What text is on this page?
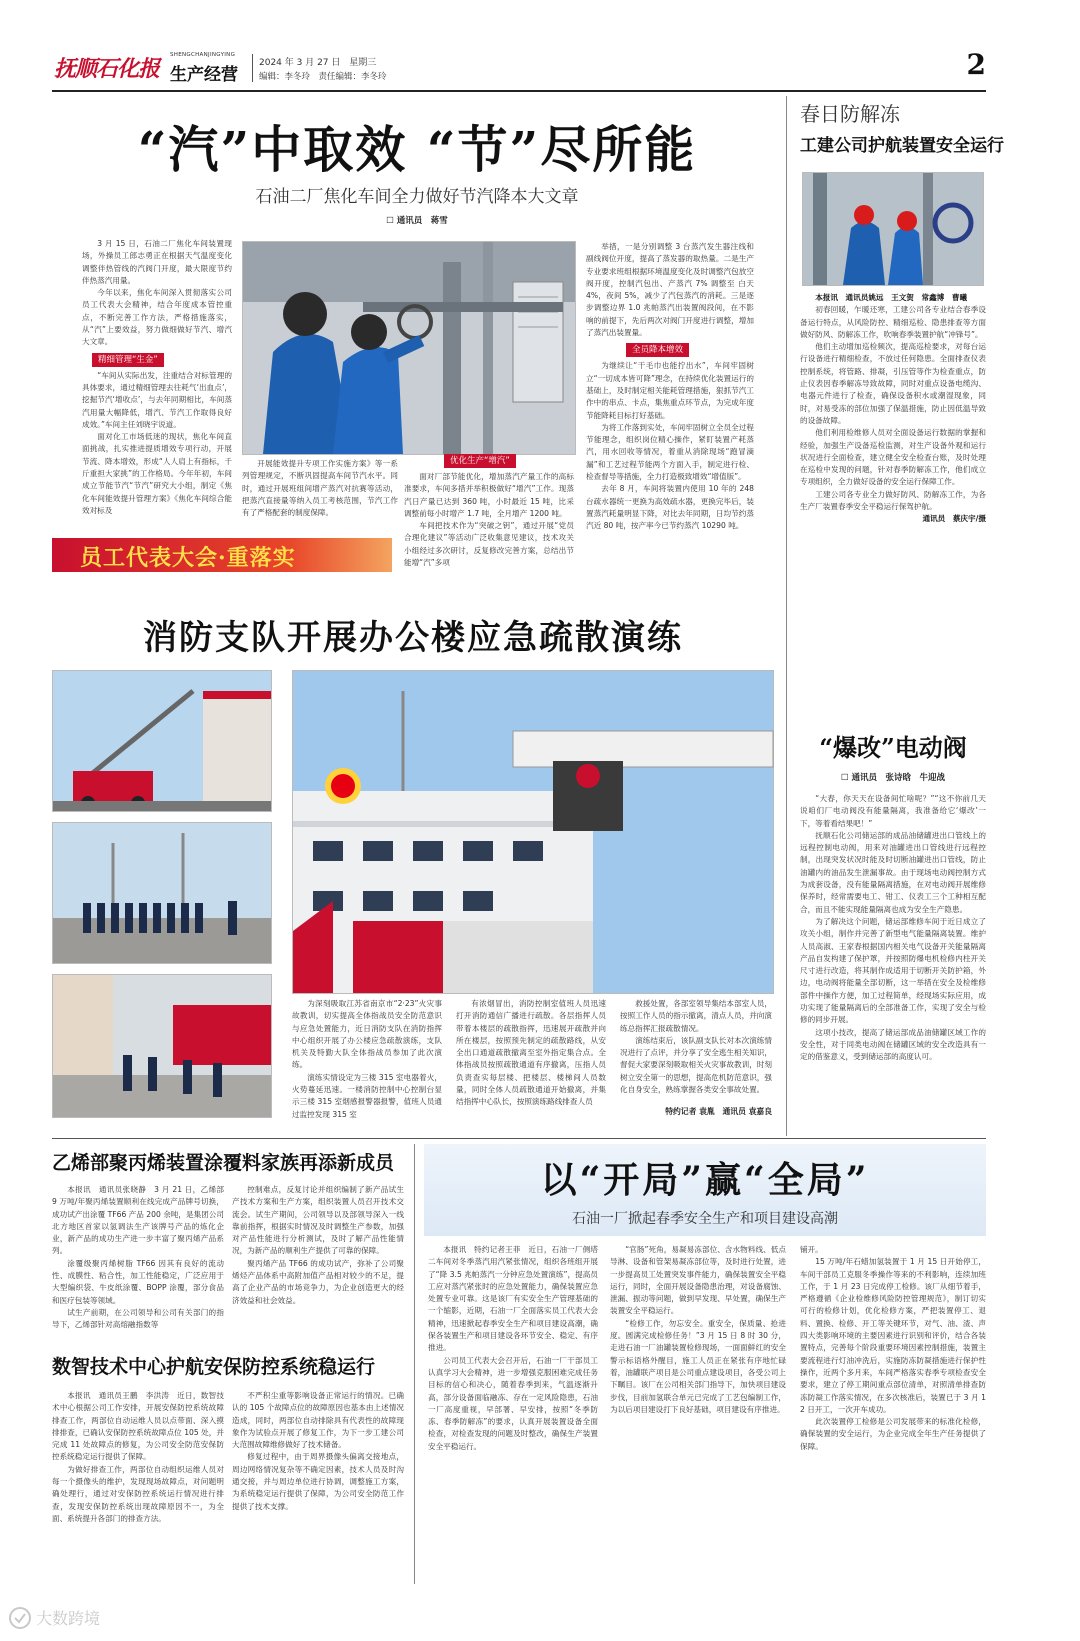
抚顺石化报
SHENGCHANJINGYING
生产经营
2024 年 3 月 27 日 星期三
编辑：李冬玲　责任编辑：李冬玲	2
“汽”中取效 “节”尽所能
石油二厂焦化车间全力做好节汽降本大文章
☐ 通讯员　蒋雪

3 月 15 日，石油二厂焦化车间装置现场，外操员工郎志勇正在根据天气温度变化调整伴热管线的汽阀门开度，最大限度节约伴热蒸汽用量。

今年以来，焦化车间深入贯彻落实公司员工代表大会精神，结合年度成本管控重点，不断完善工作方法，严格措施落实，从“汽”上要效益，努力做细做好节汽、增汽大文章。

精细管理“生金”

“车间从实际出发，注重结合对标管理的具体要求，通过精细管理去往耗气‘出血点’，挖掘节汽‘增收点’，与去年同期相比，车间蒸汽用量大幅降低，增汽、节汽工作取得良好成效。”车间主任刘晓宇说道。

面对化工市场低迷的现状，焦化车间直面挑战，扎实推进提质增效专项行动，开展节流、降本增效，形成“人人肩上有指标，千斤重担大家挑”的工作格局。今年年初，车间成立节能节汽“节汽”研究大小组，制定《焦化车间能效提升管理方案》《焦化车间综合能效对标及

开展能效提升专项工作实施方案》等一系列管理规定，不断巩固提高车间节汽水平。同时，通过开展班组间增产蒸汽对抗赛等活动，把蒸汽直接量等纳入员工考核范围，节汽工作有了严格配套的制度保障。

优化生产“增汽”

面对厂部节能优化，增加蒸汽产量工作的高标准要求，车间多措并举积极做好“增汽”工作。现蒸汽日产量已达到 360 吨，小时最近 15 吨，比采调整前每小时增产 1.7 吨，全月增产 1200 吨。

车间把技术作为“突破之钥”，通过开展“党员合理化建议”等活动广泛收集意见建议，技术攻关小组经过多次研讨，反复修改完善方案，总结出节能增“汽”多项

举措，一是分别调整 3 台蒸汽发生器注线和副线阀位开度，提高了蒸发器的取热量。二是生产专业要求班组根据环境温度变化及时调整汽包放空阀开度，控制汽包出、产蒸汽 7% 调整至 白天 4%，夜间 5%，减少了汽包蒸汽的消耗。三是逐步调整边界 1.0 兆帕蒸汽出装置阀段间，在不影响的前提下，先后两次对阀门开度进行调整，增加了蒸汽出装置量。

全员降本增效

为继续让“干毛巾也能拧出水”，车间牢固树立“一切成本皆可降”理念，在持续优化装置运行的基础上，及时制定相关能耗管理措施，狠抓节汽工作中的串点、卡点，集焦重点环节点，为完成年度节能降耗目标打好基础。

为将工作落到实处，车间牢固树立全员全过程节能理念，组织岗位精心操作，紧盯装置产耗蒸汽，用水回收等情况，着重从消除现场“跑冒滴漏”和工艺过程节能两个方面入手，制定进行检、检查督导等措施，全力打造极致增效“增值版”。

去年 8 月，车间将装置内使用 10 年的 248 台疏水器统一更换为高效疏水器，更换完毕后，装置蒸汽耗量明显下降，对比去年同期，日均节约蒸汽近 80 吨，按产率今已节约蒸汽 10290 吨。

员工代表大会·重落实
消防支队开展办公楼应急疏散演练

为深刻吸取江苏省南京市“2·23”火灾事故教训，切实提高全体指战员安全防范意识与应急处置能力，近日消防支队在消防指挥中心组织开展了办公楼应急疏散演练，支队机关及特勤大队全体指战员参加了此次演练。

演练实情设定为三楼 315 室电器着火，火势蔓延迅速。一楼消防控制中心控制台显示三楼 315 室烟感报警器报警，值班人员通过监控发现 315 室

有浓烟冒出，消防控制室值班人员迅速打开消防通信广播进行疏散。各层指挥人员带着本楼层的疏散指挥，迅速展开疏散并向所在楼层，按照预先制定的疏散路线，从安全出口通道疏散撤离至室外指定集合点。全体指战员按照疏散通道有序撤离，压指人员负责查实每层楼、把楼层、楼梯间人员数量，同时全体人员疏散通道开始撤离，并集结指挥中心队长，按照演练路线排查人员

救援处置，各部室领导集结本部室人员，按照工作人员的指示撤离，清点人员，并向演练总指挥汇报疏散情况。

演练结束后，该队副支队长对本次演练情况进行了点评，并分享了安全逃生相关知识，督促大家要深刻吸取相关火灾事故教训，时刻树立安全第一的思想，提高危机防范意识，强化自身安全，熟练掌握各类安全事故处置。

特约记者 袁胤　通讯员 袁嘉良
春日防解冻
工建公司护航装置安全运行

本报讯　通讯员姚远　王文贺　常鑫博　曹曦

初春回暖，乍暖还寒，工建公司各专业结合春季设备运行特点，从风险防控、精细巡检、隐患排查等方面做好防风、防解冻工作，吹响春季装置护航“冲锋号”。

他们主动增加巡检频次，提高巡检要求，对每台运行设备进行精细检查，不放过任何隐患。全面排查仪表控制系统，将管路、排凝，引压管等作为检查重点，防止仪表因春季解冻导致故障，同时对重点设备电缆沟、电器元件进行了检查，确保设备积水或潮湿现象，同时，对易受冻的部位加强了保温措施，防止因低温导致的设备故障。

他们利用检维修人员对全面设备运行数据的掌握和经验，加强生产设备巡检监测，对生产设备外观和运行状况进行全面检查，建立健全安全检查台账，及时处理在巡检中发现的问题，针对春季防解冻工作，他们成立专项组织，全力做好设备的安全运行保障工作。

工建公司各专业全力做好防风、防解冻工作，为各生产厂装置春季安全平稳运行保驾护航。

通讯员　蔡庆宇/摄
“爆改”电动阀
☐ 通讯员　张诗晗　牛迎战

“大春，你天天在设备间忙啥呢？”“这不你前几天说咱们厂电动阀没有能量隔离，我准备给它‘爆改’一下，等着看结果吧！”

抚顺石化公司储运部的成品油储罐进出口管线上的远程控制电动阀，用来对油罐进出口管线进行远程控制，出现突发状况时能及时切断油罐进出口管线，防止油罐内的油品发生泄漏事故。由于现场电动阀控制方式为成套设备，没有能量隔离措施，在对电动阀开展维修保养时，经常需要电工、钳工、仪表工三个工种相互配合，而且不能实现能量隔离也成为安全生产隐患。

为了解决这个问题，储运部维修车间于近日成立了攻关小组，制作并完善了新型电气能量隔离装置。维护人员高淑、王家春根据国内相关电气设备开关能量隔离产品自发构建了保护罩，并按照防爆电机检修内柱开关尺寸进行改造，将其制作成适用于切断开关防护箱，外边，电动阀将能量全部切断，这一举措在安全及检维修部件中操作方便，加工过程简单，经现场实际应用，成功实现了能量隔离后的全部准备工作，实现了安全与检修的同步开展。

这项小技改，提高了储运部成品油储罐区域工作的安全性，对于同类电动阀在储罐区域的安全改造具有一定的借鉴意义，受到储运部的高度认可。

乙烯部聚丙烯装置涂覆料家族再添新成员

本报讯　通讯员张晓静　3 月 21 日，乙烯部 9 万吨/年聚丙烯装置顺利在线完成产品牌号切换，成功试产出涂覆 TF66 产品 200 余吨，是集团公司北方地区首家以氢调法生产该牌号产品的炼化企业，新产品的成功生产进一步丰富了聚丙烯产品系列。

涂覆级聚丙烯树脂 TF66 因其有良好的流动性、成膜性、粘合性，加工性能稳定，广泛应用于大型编织袋、牛皮纸涂覆、BOPP 涂覆，部分食品和医疗包装等领域。

试生产前期，在公司领导和公司有关部门的指导下，乙烯部针对高熔融指数等

控制难点，反复讨论并组织编制了新产品试生产技术方案和生产方案，组织装置人员召开技术交流会。试生产期间，公司领导以及部领导深入一线靠前指挥，根据实时情况及时调整生产参数，加强对产品性能进行分析测试，及时了解产品性能情况，为新产品的顺利生产提供了可靠的保障。

聚丙烯产品 TF66 的成功试产，弥补了公司聚烯烃产品体系中高附加值产品相对较少的不足，提高了企业产品的市场竞争力，为企业创造更大的经济效益和社会效益。

数智技术中心护航安保防控系统稳运行

本报讯　通讯员王鹏　李洪涛　近日，数智技术中心根据公司工作安排，开展安保防控系统故障排查工作，两部位自动运维人员以点带面、深入摸排排查，已确认安保防控系统故障点位 105 处，并完成 11 处故障点的修复，为公司安全防范安保防控系统稳定运行提供了保障。

为做好排查工作，两部位自动组织运维人员对每一个摄像头的维护，发现现场故障点，对问题明确处理行，通过对安保防控系统运行情况进行排查，发现安保防控系统出现故障原因不一，为全面、系统提升各部门的排查方法。

不严积尘重等影响设备正常运行的情况。已确认的 105 个故障点位的故障原因也基本由上述情况造成，同时，两部位自动排除具有代表性的故障现象作为试验点开展了修复工作，为下一步工建公司大范围故障维修做好了技术储备。

修复过程中，由于周界摄像头偏离交接地点，周边网络情况复杂等不确定因素，技术人员及时沟通交接，并与周边单位进行协调，调整施工方案，为系统稳定运行提供了保障，为公司安全防范工作提供了技术支撑。

以“开局”赢“全局”
石油一厂掀起春季安全生产和项目建设高潮

本报讯　特约记者王菲　近日，石油一厂侧塔二车间对冬季蒸汽用汽紧张情况，组织各班组开展了“降 3.5 兆帕蒸汽一分钟应急处置演练”，提高员工应对蒸汽紧张时的应急处置能力，确保装置应急处置专业可靠。这是该厂有实安全生产管理基础的一个缩影，近期，石油一厂全面落实员工代表大会精神，迅速掀起春季安全生产和项目建设高潮，确保各装置生产和项目建设各环节安全、稳定、有序推进。

公司员工代表大会召开后，石油一厂干部员工认真学习大会精神，进一步增强克服困难完成任务目标的信心和决心，随着春季到来，气温逐渐升高，部分设备面临融冻、存在一定风险隐患，石油一厂高度重视，早部署、早安排，按照“冬季防冻、春季防解冻”的要求，认真开展装置设备全面检查，对检查发现的问题及时整改，确保生产装置安全平稳运行。

“官肠”死角，易凝易冻部位、含水物料线、低点导淋、设备和管架易凝冻部位等，及时进行处置，进一步提高员工处置突发事件能力，确保装置安全平稳运行，同时，全面开展设备隐患治理，对设备腐蚀、泄漏、振动等问题，做到早发现、早处置，确保生产装置安全平稳运行。

“检修工作，勿忘安全。重安全，保质量、抢进度。圆满完成检修任务！”3 月 15 日 8 时 30 分，走进石油一厂油罐装置检修现场，一面面鲜红的安全警示标语格外醒目，施工人员正在紧张有序地忙碌着，油罐联产项目是公司重点建设项目，各受公司上下瞩目。该厂在公司相关部门指导下，加快项目建设步伐，目前加氢联合单元已完成了工艺包编制工作，为以后项目建设打下良好基础，项目建设有序推进。

铺开。

15 万吨/年石蜡加氢装置于 1 月 15 日开始停工，车间干部员工克服冬季操作等来的不利影响，连续加班工作，于 1 月 23 日完成停工检修。该厂从细节着手，严格遵循《企业检维修风险防控管理规范》，制订切实可行的检修计划，优化检修方案，严把装置停工、退料、置换、检修、开工等关键环节，对气、油、渣、声四大类影响环境的主要因素进行识别和评价，结合各装置特点，完善每个阶段重要环境因素控制措施，装置主要流程进行灯油冲洗后，实施防冻防凝措施进行保护性操作，近两个多月来，车间严格落实春季专项检查安全要求，建立了停工期间重点部位清单，对照清单排查防冻防凝工作落实情况，在多次核准后，装置已于 3 月 12 日开工，一次开车成功。

此次装置停工检修是公司发展带来的标准化检修，确保装置的安全运行，为企业完成全年生产任务提供了保障。

大数跨境
